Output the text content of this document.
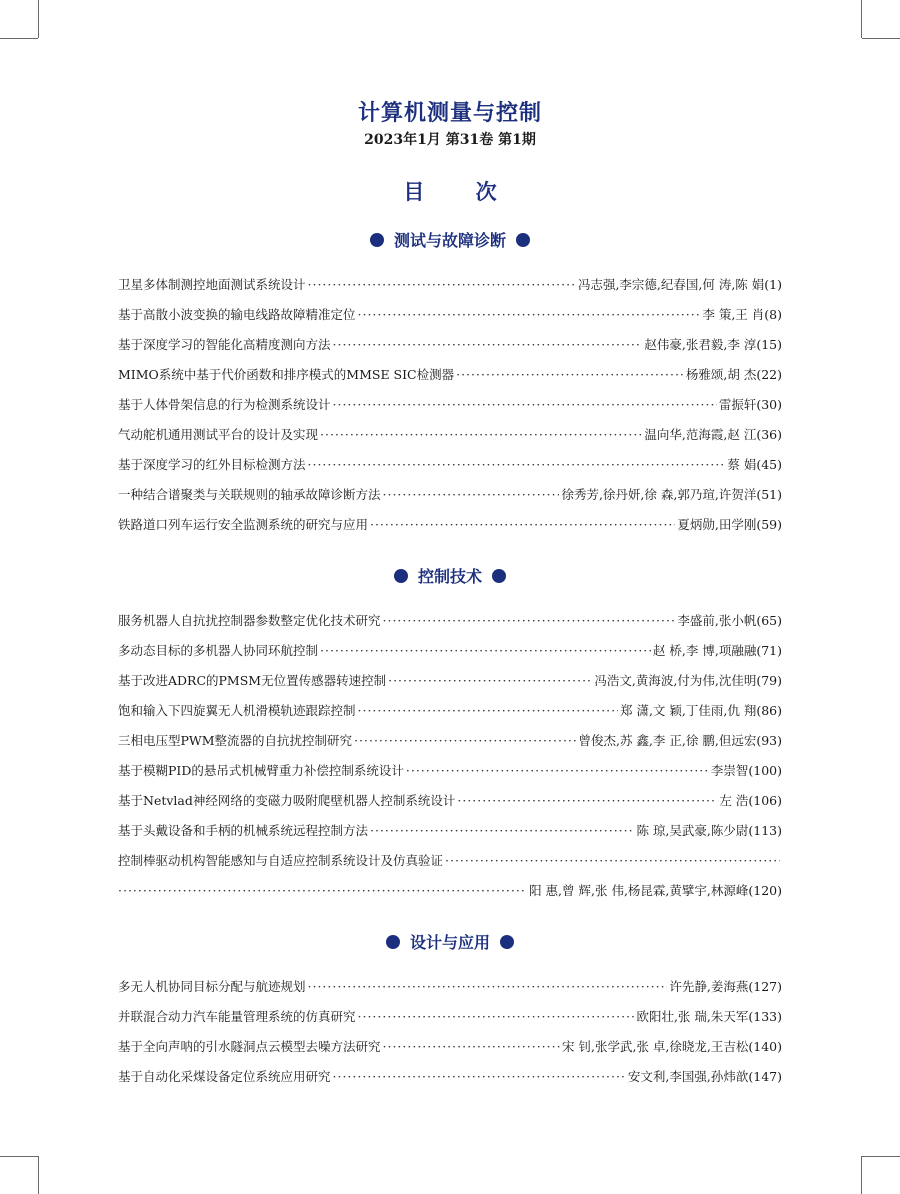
计算机测量与控制
2023年1月 第31卷 第1期
目 次
测试与故障诊断
卫星多体制测控地面测试系统设计 ·····	冯志强,李宗德,纪春国,何 涛,陈 娟 (1)
基于高散小波变换的输电线路故障精准定位 ·····	李 策,王 肖 (8)
基于深度学习的智能化高精度测向方法 ·····	赵伟豪,张君毅,李 淳 (15)
MIMO系统中基于代价函数和排序模式的MMSE SIC检测器 ·····	杨雅颂,胡 杰 (22)
基于人体骨架信息的行为检测系统设计 ·····	雷振轩 (30)
气动舵机通用测试平台的设计及实现 ·····	温向华,范海霞,赵 江 (36)
基于深度学习的红外目标检测方法 ·····	蔡 娟 (45)
一种结合谱聚类与关联规则的轴承故障诊断方法 ·····	徐秀芳,徐丹妍,徐 森,郭乃瑄,许贺洋 (51)
铁路道口列车运行安全监测系统的研究与应用 ·····	夏炳勋,田学刚 (59)
控制技术
服务机器人自抗扰控制器参数整定优化技术研究 ·····	李盛前,张小帆 (65)
多动态目标的多机器人协同环航控制 ·····	赵 桥,李 博,项融融 (71)
基于改进ADRC的PMSM无位置传感器转速控制 ·····	冯浩文,黄海波,付为伟,沈佳明 (79)
饱和输入下四旋翼无人机滑模轨迹跟踪控制 ·····	郑 潇,文 颖,丁佳雨,仇 翔 (86)
三相电压型PWM整流器的自抗扰控制研究 ·····	曾俊杰,苏 鑫,李 正,徐 鹏,但远宏 (93)
基于模糊PID的悬吊式机械臂重力补偿控制系统设计 ·····	李崇智 (100)
基于Netvlad神经网络的变磁力吸附爬壁机器人控制系统设计 ·····	左 浩 (106)
基于头戴设备和手柄的机械系统远程控制方法 ·····	陈 琼,吴武豪,陈少尉 (113)
控制棒驱动机构智能感知与自适应控制系统设计及仿真验证
·····
·····
阳 惠,曾 辉,张 伟,杨昆霖,黄擘宇,林源峰 (120)
设计与应用
多无人机协同目标分配与航迹规划 ·····	许先静,姜海燕 (127)
并联混合动力汽车能量管理系统的仿真研究 ·····	欧阳壮,张 瑞,朱天军 (133)
基于全向声呐的引水隧洞点云模型去噪方法研究 ·····	宋 钊,张学武,张 卓,徐晓龙,王吉松 (140)
基于自动化采煤设备定位系统应用研究 ·····	安文利,李国强,孙炜歆 (147)
